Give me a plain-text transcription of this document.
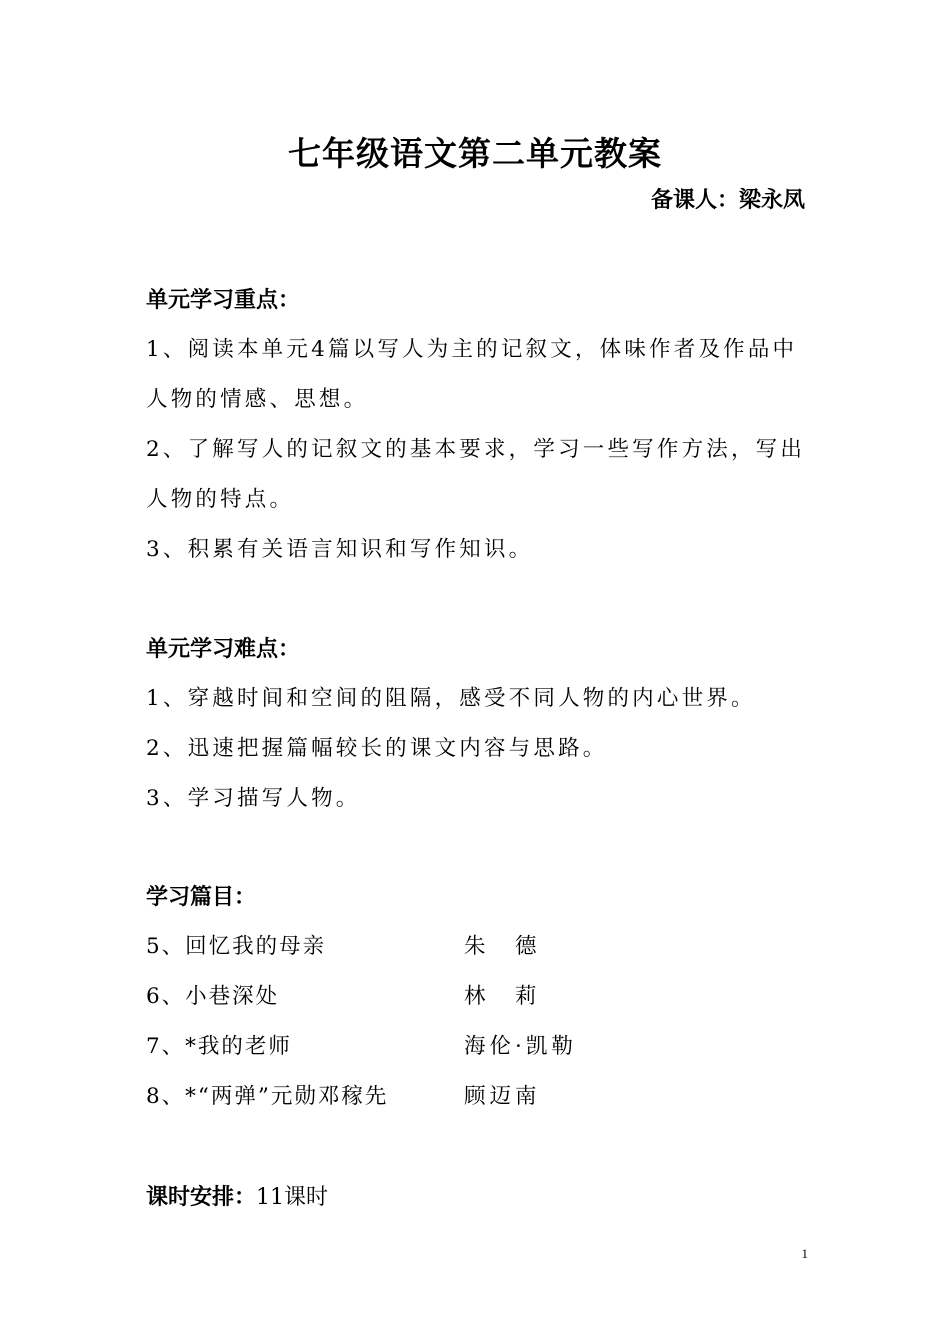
七年级语文第二单元教案
备课人：梁永凤
单元学习重点：

1、阅读本单元4篇以写人为主的记叙文，体味作者及作品中人物的情感、思想。

2、了解写人的记叙文的基本要求，学习一些写作方法，写出人物的特点。

3、积累有关语言知识和写作知识。

单元学习难点：

1、穿越时间和空间的阻隔，感受不同人物的内心世界。

2、迅速把握篇幅较长的课文内容与思路。

3、学习描写人物。

学习篇目：
5、回忆我的母亲	朱　德
6、小巷深处	林　莉
7、*我的老师	海伦·凯勒
8、*“两弹”元勋邓稼先	顾迈南
课时安排：11课时
1
